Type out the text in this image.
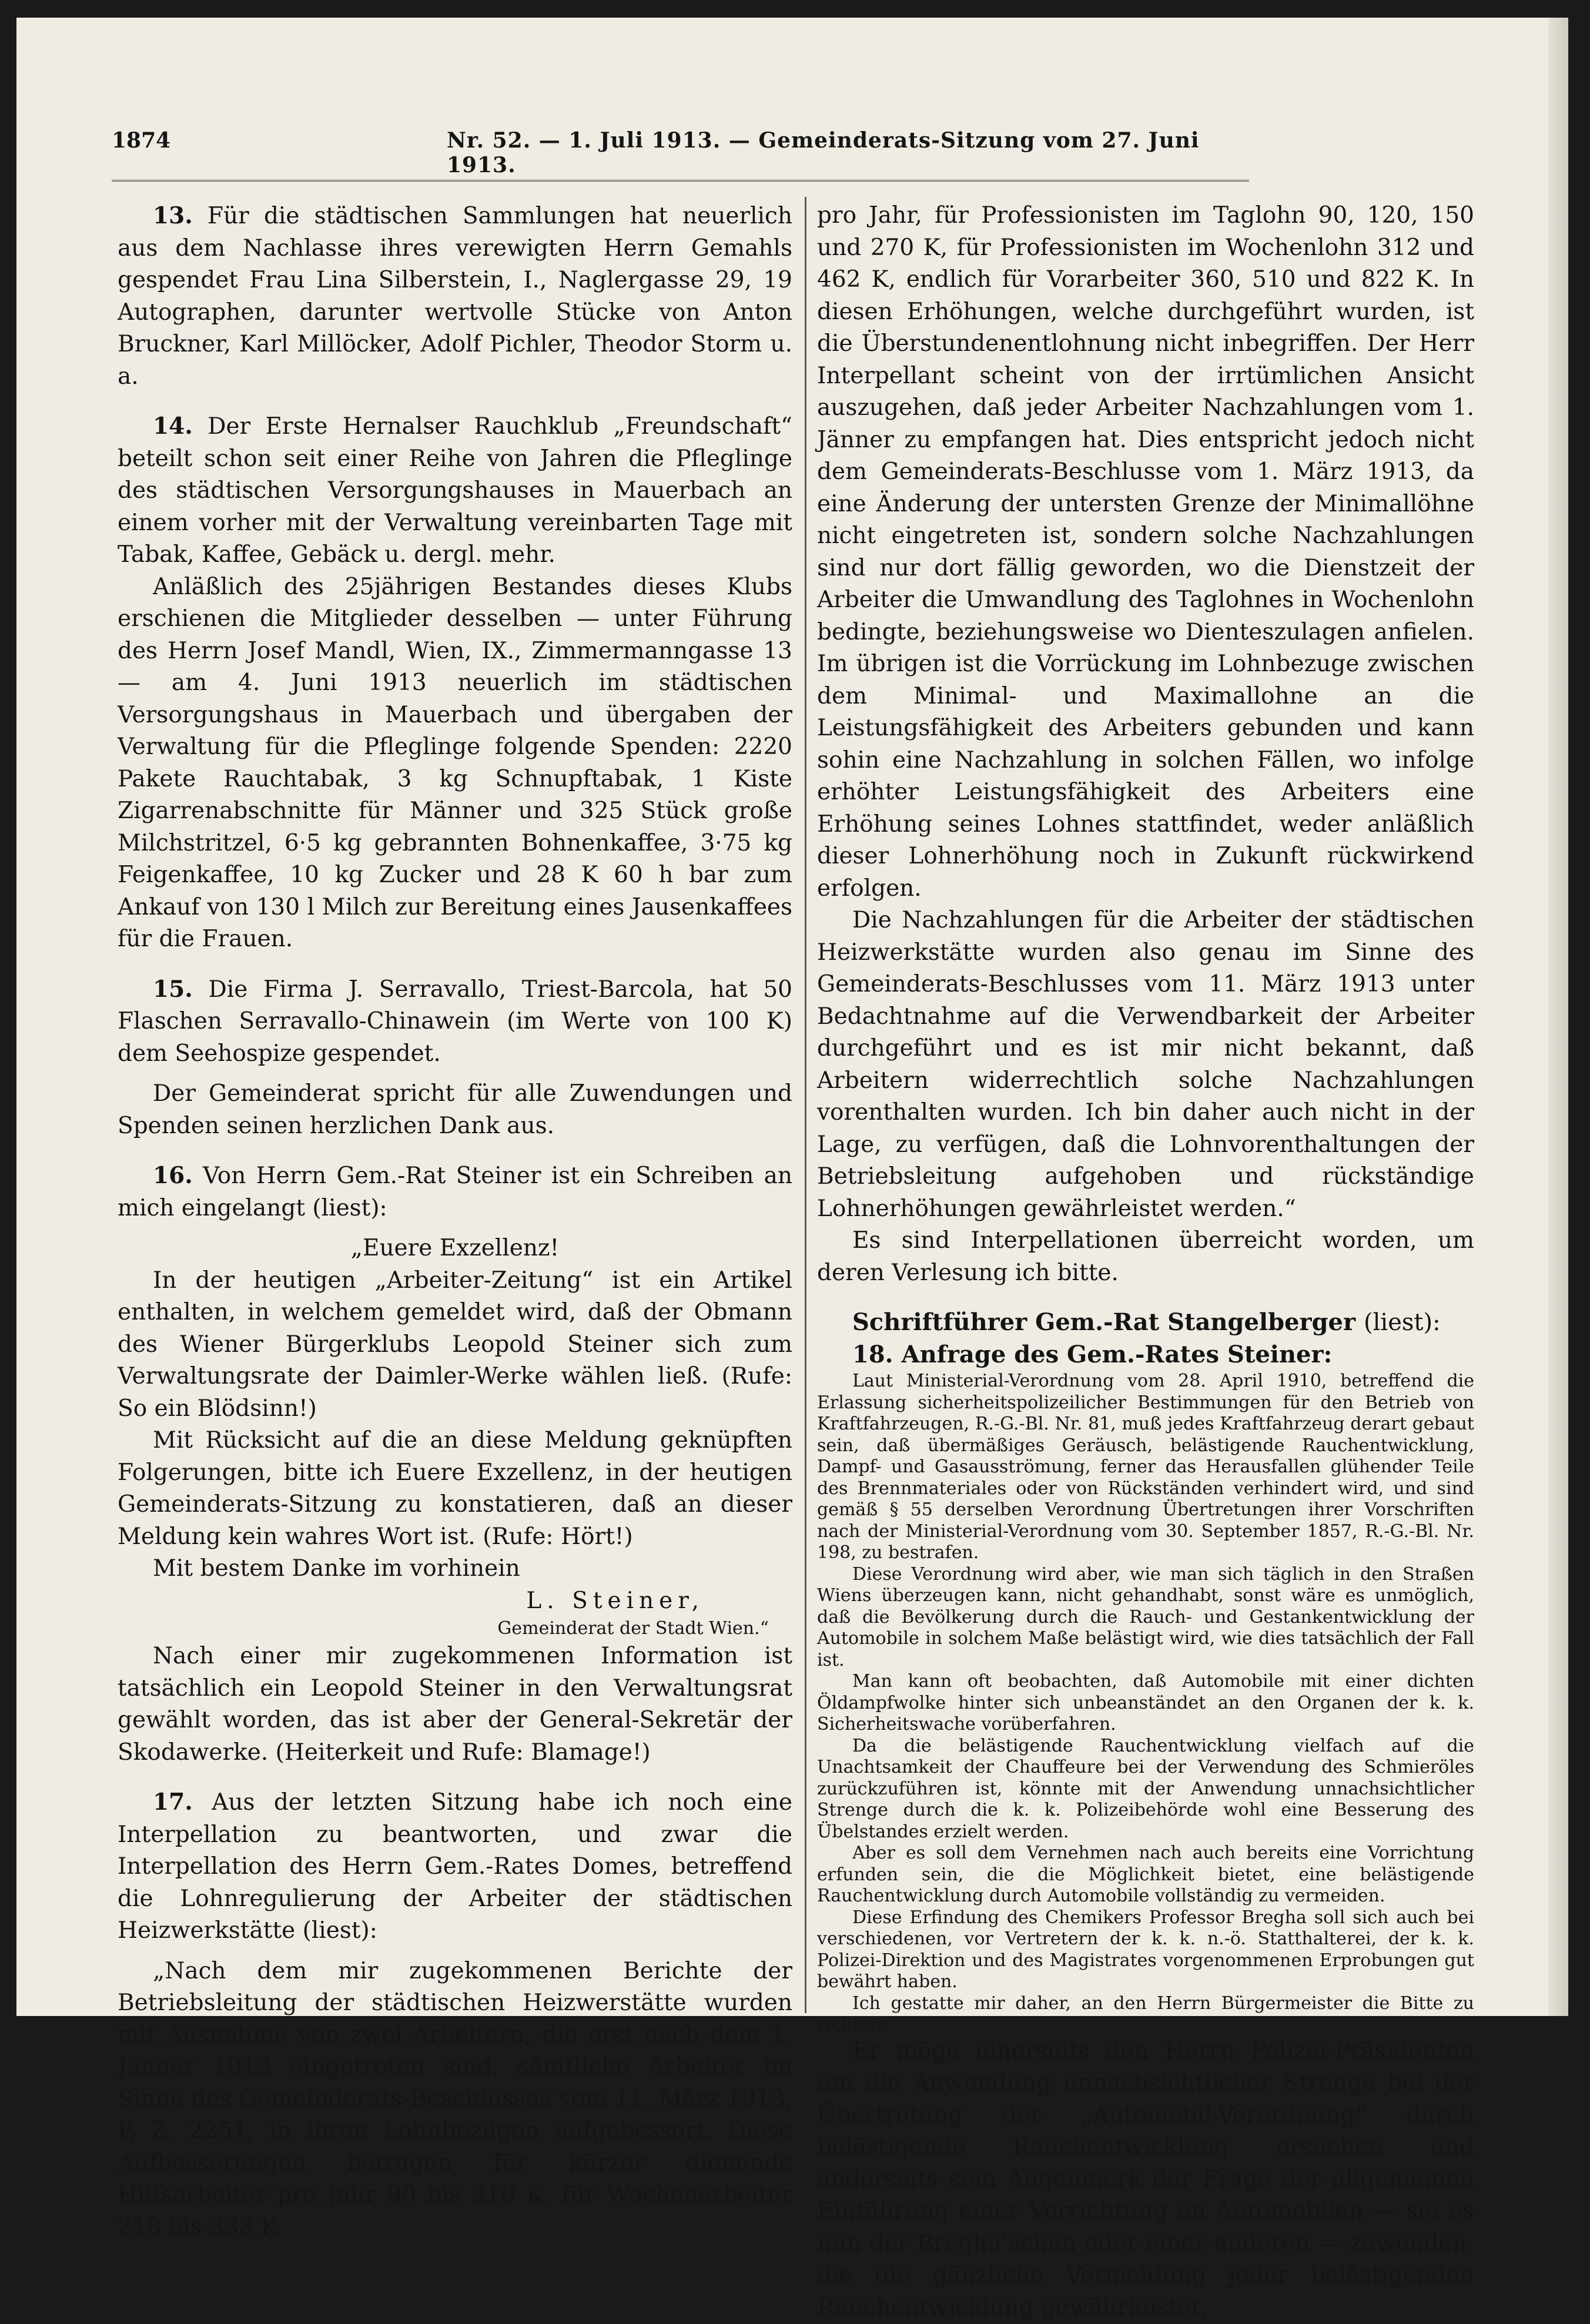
1874	Nr. 52. — 1. Juli 1913. — Gemeinderats-Sitzung vom 27. Juni 1913.

13. Für die städtischen Sammlungen hat neuerlich aus dem Nachlasse ihres verewigten Herrn Gemahls gespendet Frau Lina Silberstein, I., Naglergasse 29, 19 Autographen, darunter wertvolle Stücke von Anton Bruckner, Karl Millöcker, Adolf Pichler, Theodor Storm u. a.

14. Der Erste Hernalser Rauchklub „Freundschaft“ beteilt schon seit einer Reihe von Jahren die Pfleglinge des städtischen Versorgungshauses in Mauerbach an einem vorher mit der Verwaltung vereinbarten Tage mit Tabak, Kaffee, Gebäck u. dergl. mehr.

Anläßlich des 25jährigen Bestandes dieses Klubs erschienen die Mitglieder desselben — unter Führung des Herrn Josef Mandl, Wien, IX., Zimmermanngasse 13 — am 4. Juni 1913 neuerlich im städtischen Versorgungshaus in Mauerbach und übergaben der Verwaltung für die Pfleglinge folgende Spenden: 2220 Pakete Rauchtabak, 3 kg Schnupftabak, 1 Kiste Zigarrenabschnitte für Männer und 325 Stück große Milchstritzel, 6·5 kg gebrannten Bohnenkaffee, 3·75 kg Feigenkaffee, 10 kg Zucker und 28 K 60 h bar zum Ankauf von 130 l Milch zur Bereitung eines Jausenkaffees für die Frauen.

15. Die Firma J. Serravallo, Triest-Barcola, hat 50 Flaschen Serravallo-Chinawein (im Werte von 100 K) dem Seehospize gespendet.

Der Gemeinderat spricht für alle Zuwendungen und Spenden seinen herzlichen Dank aus.

16. Von Herrn Gem.-Rat Steiner ist ein Schreiben an mich eingelangt (liest):

„Euere Exzellenz!

In der heutigen „Arbeiter-Zeitung“ ist ein Artikel enthalten, in welchem gemeldet wird, daß der Obmann des Wiener Bürgerklubs Leopold Steiner sich zum Verwaltungsrate der Daimler-Werke wählen ließ. (Rufe: So ein Blödsinn!)

Mit Rücksicht auf die an diese Meldung geknüpften Folgerungen, bitte ich Euere Exzellenz, in der heutigen Gemeinderats-Sitzung zu konstatieren, daß an dieser Meldung kein wahres Wort ist. (Rufe: Hört!)

Mit bestem Danke im vorhinein

L. Steiner,

Gemeinderat der Stadt Wien.“

Nach einer mir zugekommenen Information ist tatsächlich ein Leopold Steiner in den Verwaltungsrat gewählt worden, das ist aber der General-Sekretär der Skodawerke. (Heiterkeit und Rufe: Blamage!)

17. Aus der letzten Sitzung habe ich noch eine Interpellation zu beantworten, und zwar die Interpellation des Herrn Gem.-Rates Domes, betreffend die Lohnregulierung der Arbeiter der städtischen Heizwerkstätte (liest):

„Nach dem mir zugekommenen Berichte der Betriebsleitung der städtischen Heizwerstätte wurden mit Ausnahme von zwei Arbeitern, die erst nach dem 1. Jänner 1913 eingetreten sind, sämtliche Arbeiter im Sinne des Gemeinderats-Beschlusses vom 11. März 1913, P. Z. 2251, in ihren Lohnbezügen aufgebessert. Diese Aufbesserungen betragen für kürzer dienende Hilfsarbeiter pro Jahr 90 bis 210 K, für Wochenarbeiter 218 bis 333 K

pro Jahr, für Professionisten im Taglohn 90, 120, 150 und 270 K, für Professionisten im Wochenlohn 312 und 462 K, endlich für Vorarbeiter 360, 510 und 822 K. In diesen Erhöhungen, welche durchgeführt wurden, ist die Überstundenentlohnung nicht inbegriffen. Der Herr Interpellant scheint von der irrtümlichen Ansicht auszugehen, daß jeder Arbeiter Nachzahlungen vom 1. Jänner zu empfangen hat. Dies entspricht jedoch nicht dem Gemeinderats-Beschlusse vom 1. März 1913, da eine Änderung der untersten Grenze der Minimallöhne nicht eingetreten ist, sondern solche Nachzahlungen sind nur dort fällig geworden, wo die Dienstzeit der Arbeiter die Umwandlung des Taglohnes in Wochenlohn bedingte, beziehungsweise wo Dienteszulagen anfielen. Im übrigen ist die Vorrückung im Lohnbezuge zwischen dem Minimal- und Maximallohne an die Leistungsfähigkeit des Arbeiters gebunden und kann sohin eine Nachzahlung in solchen Fällen, wo infolge erhöhter Leistungsfähigkeit des Arbeiters eine Erhöhung seines Lohnes stattfindet, weder anläßlich dieser Lohnerhöhung noch in Zukunft rückwirkend erfolgen.

Die Nachzahlungen für die Arbeiter der städtischen Heizwerkstätte wurden also genau im Sinne des Gemeinderats-Beschlusses vom 11. März 1913 unter Bedachtnahme auf die Verwendbarkeit der Arbeiter durchgeführt und es ist mir nicht bekannt, daß Arbeitern widerrechtlich solche Nachzahlungen vorenthalten wurden. Ich bin daher auch nicht in der Lage, zu verfügen, daß die Lohnvorenthaltungen der Betriebsleitung aufgehoben und rückständige Lohnerhöhungen gewährleistet werden.“

Es sind Interpellationen überreicht worden, um deren Verlesung ich bitte.

Schriftführer Gem.-Rat Stangelberger (liest):

18. Anfrage des Gem.-Rates Steiner:

Laut Ministerial-Verordnung vom 28. April 1910, betreffend die Erlassung sicherheitspolizeilicher Bestimmungen für den Betrieb von Kraftfahrzeugen, R.-G.-Bl. Nr. 81, muß jedes Kraftfahrzeug derart gebaut sein, daß übermäßiges Geräusch, belästigende Rauchentwicklung, Dampf- und Gasausströmung, ferner das Herausfallen glühender Teile des Brennmateriales oder von Rückständen verhindert wird, und sind gemäß § 55 derselben Verordnung Übertretungen ihrer Vorschriften nach der Ministerial-Verordnung vom 30. September 1857, R.-G.-Bl. Nr. 198, zu bestrafen.

Diese Verordnung wird aber, wie man sich täglich in den Straßen Wiens überzeugen kann, nicht gehandhabt, sonst wäre es unmöglich, daß die Bevölkerung durch die Rauch- und Gestankentwicklung der Automobile in solchem Maße belästigt wird, wie dies tatsächlich der Fall ist.

Man kann oft beobachten, daß Automobile mit einer dichten Öldampfwolke hinter sich unbeanständet an den Organen der k. k. Sicherheitswache vorüberfahren.

Da die belästigende Rauchentwicklung vielfach auf die Unachtsamkeit der Chauffeure bei der Verwendung des Schmieröles zurückzuführen ist, könnte mit der Anwendung unnachsichtlicher Strenge durch die k. k. Polizeibehörde wohl eine Besserung des Übelstandes erzielt werden.

Aber es soll dem Vernehmen nach auch bereits eine Vorrichtung erfunden sein, die die Möglichkeit bietet, eine belästigende Rauchentwicklung durch Automobile vollständig zu vermeiden.

Diese Erfindung des Chemikers Professor Bregha soll sich auch bei verschiedenen, vor Vertretern der k. k. n.-ö. Statthalterei, der k. k. Polizei-Direktion und des Magistrates vorgenommenen Erprobungen gut bewährt haben.

Ich gestatte mir daher, an den Herrn Bürgermeister die Bitte zu richten:

Er möge einerseits den Herrn Polizei-Präsidenten um die Anwendung unnachsichtlicher Strenge bei der Übertretung der „Automobil-Verordnung“ durch belästigende Rauchentwicklung ersuchen und anderseits sein Augenmerk der Frage der allgemeinen Einführung einer Vorrichtung an Automobilen — sei es nun der Bregha’schen oder einer anderen — zuwenden, die die gänzliche Vermeidung jeder belästigenden Rauchentwicklung gewährleistet.
